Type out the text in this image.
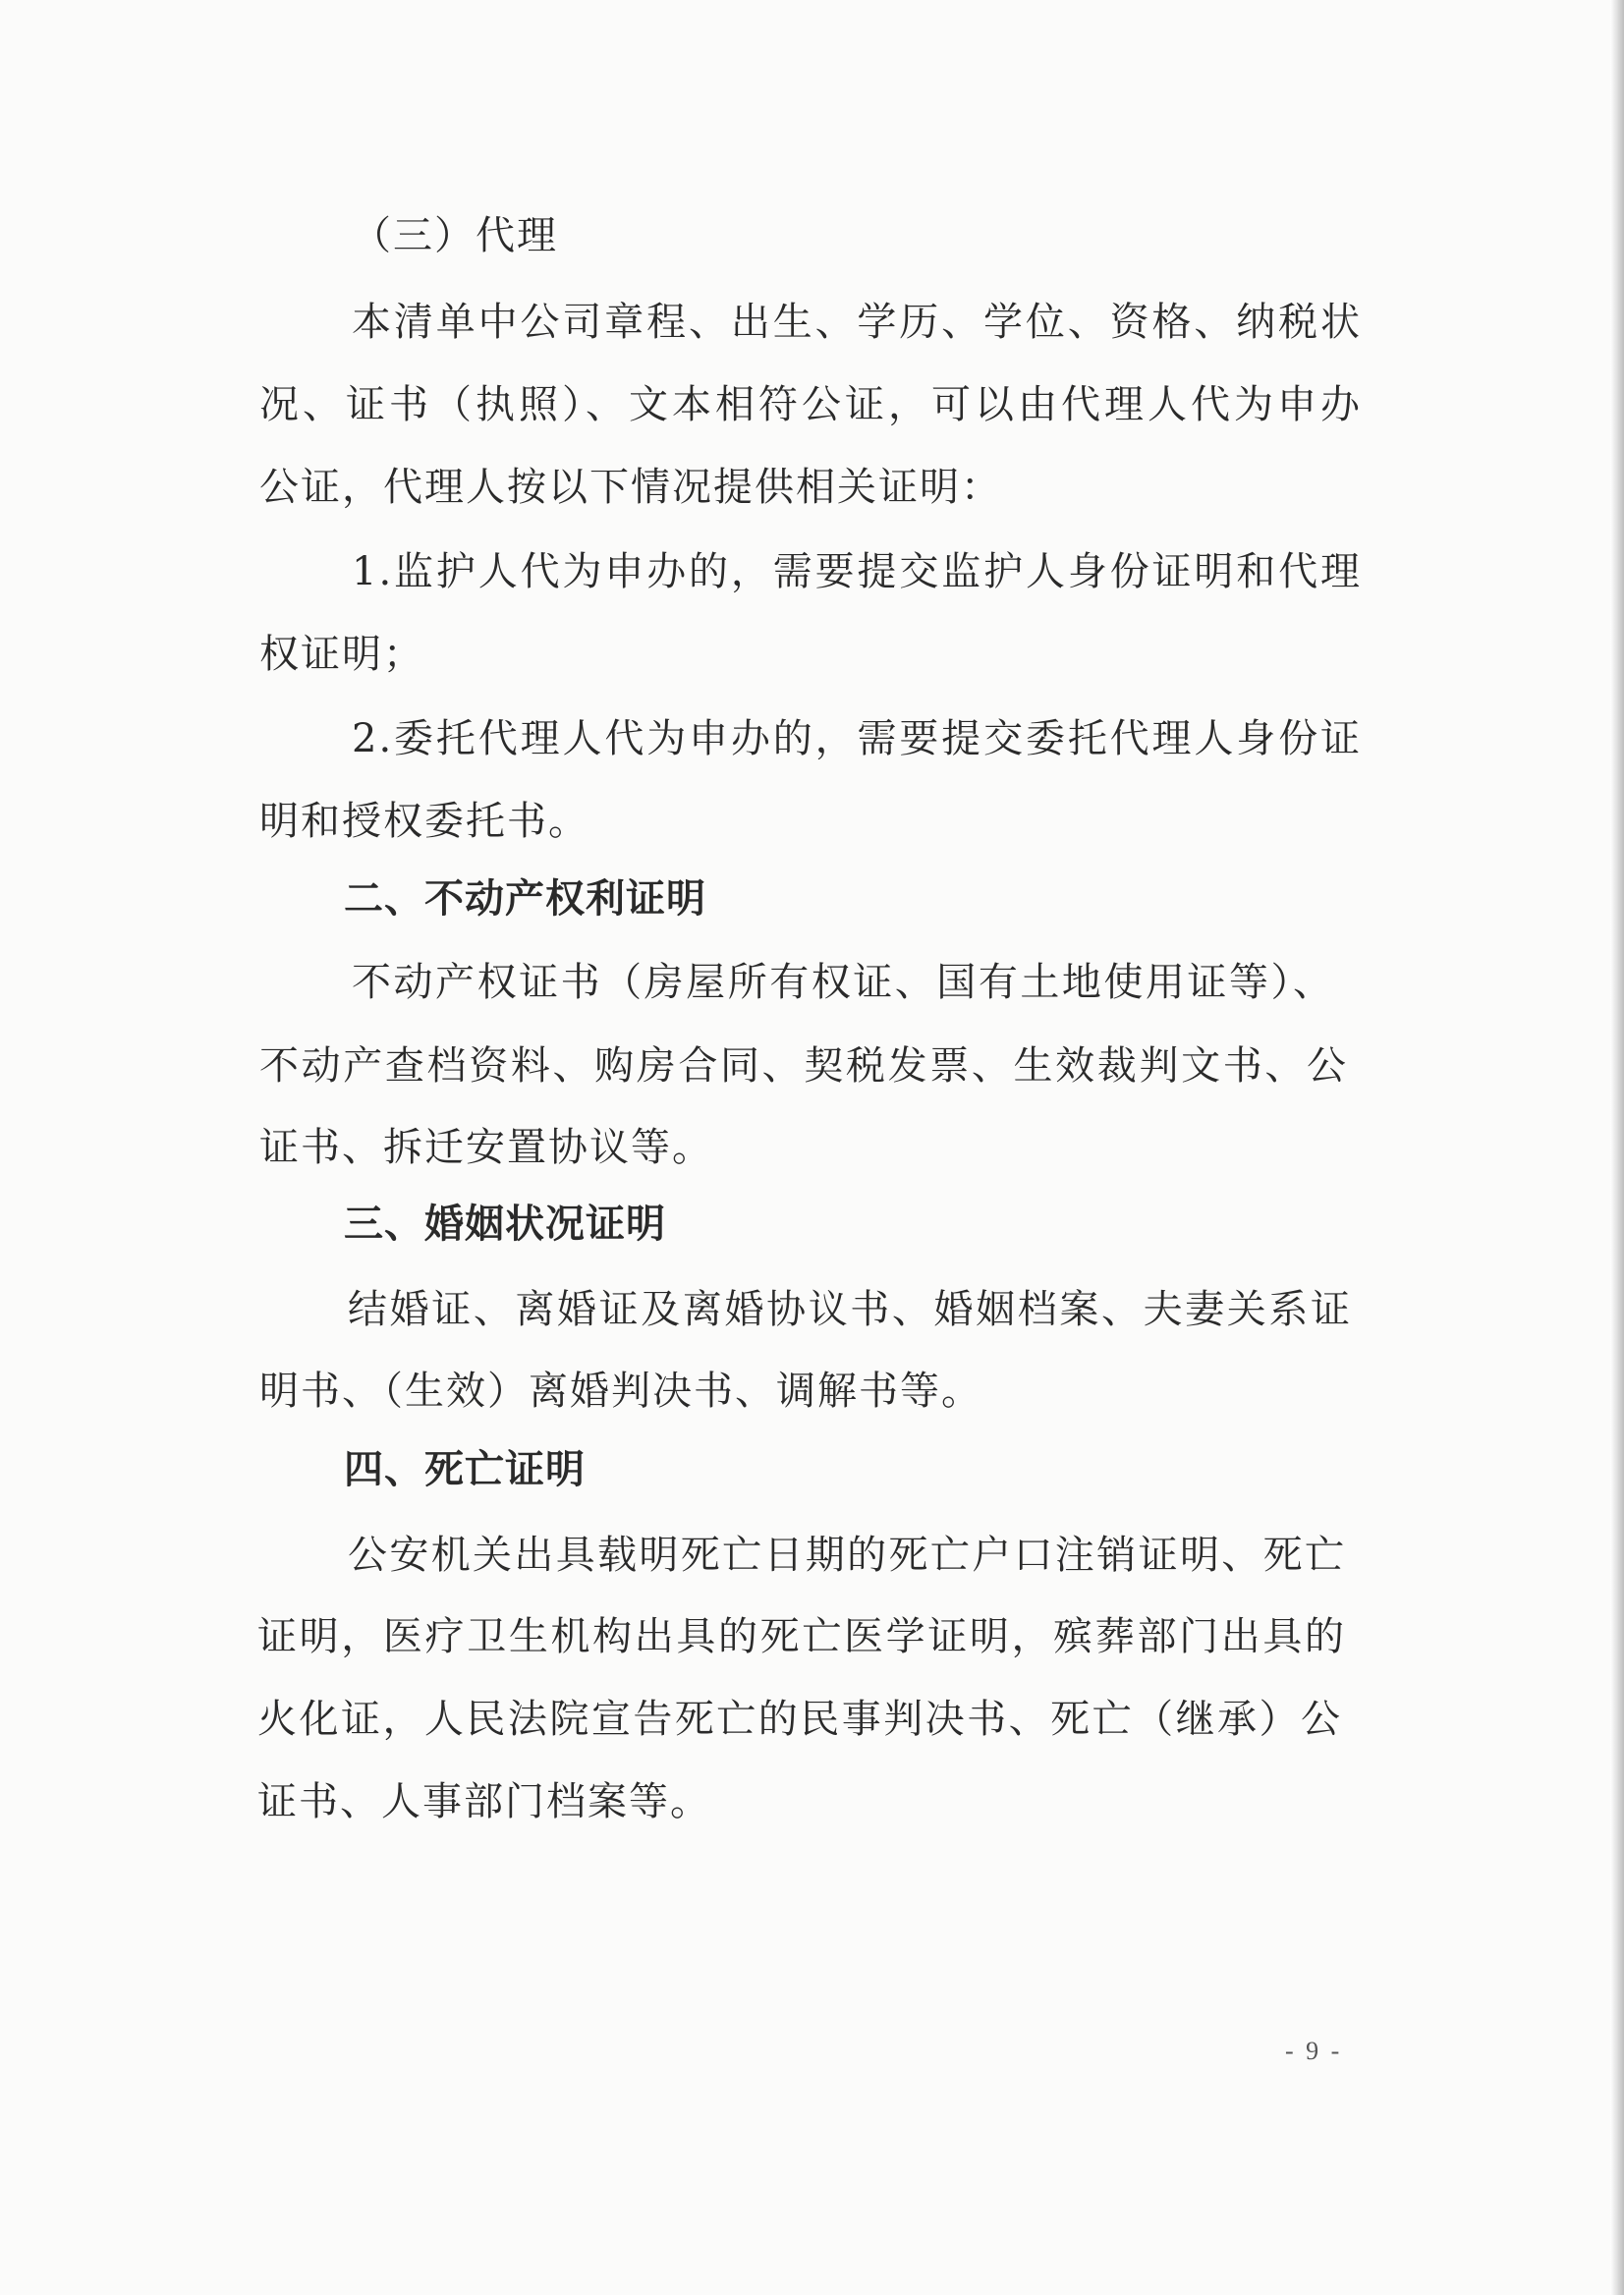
（三）代理
本清单中公司章程、出生、学历、学位、资格、纳税状
况、证书（执照）、文本相符公证，可以由代理人代为申办
公证，代理人按以下情况提供相关证明：
1.监护人代为申办的，需要提交监护人身份证明和代理
权证明；
2.委托代理人代为申办的，需要提交委托代理人身份证
明和授权委托书。
二、不动产权利证明
不动产权证书（房屋所有权证、国有土地使用证等）、
不动产查档资料、购房合同、契税发票、生效裁判文书、公
证书、拆迁安置协议等。
三、婚姻状况证明
结婚证、离婚证及离婚协议书、婚姻档案、夫妻关系证
明书、（生效）离婚判决书、调解书等。
四、死亡证明
公安机关出具载明死亡日期的死亡户口注销证明、死亡
证明，医疗卫生机构出具的死亡医学证明，殡葬部门出具的
火化证，人民法院宣告死亡的民事判决书、死亡（继承）公
证书、人事部门档案等。
- 9 -
